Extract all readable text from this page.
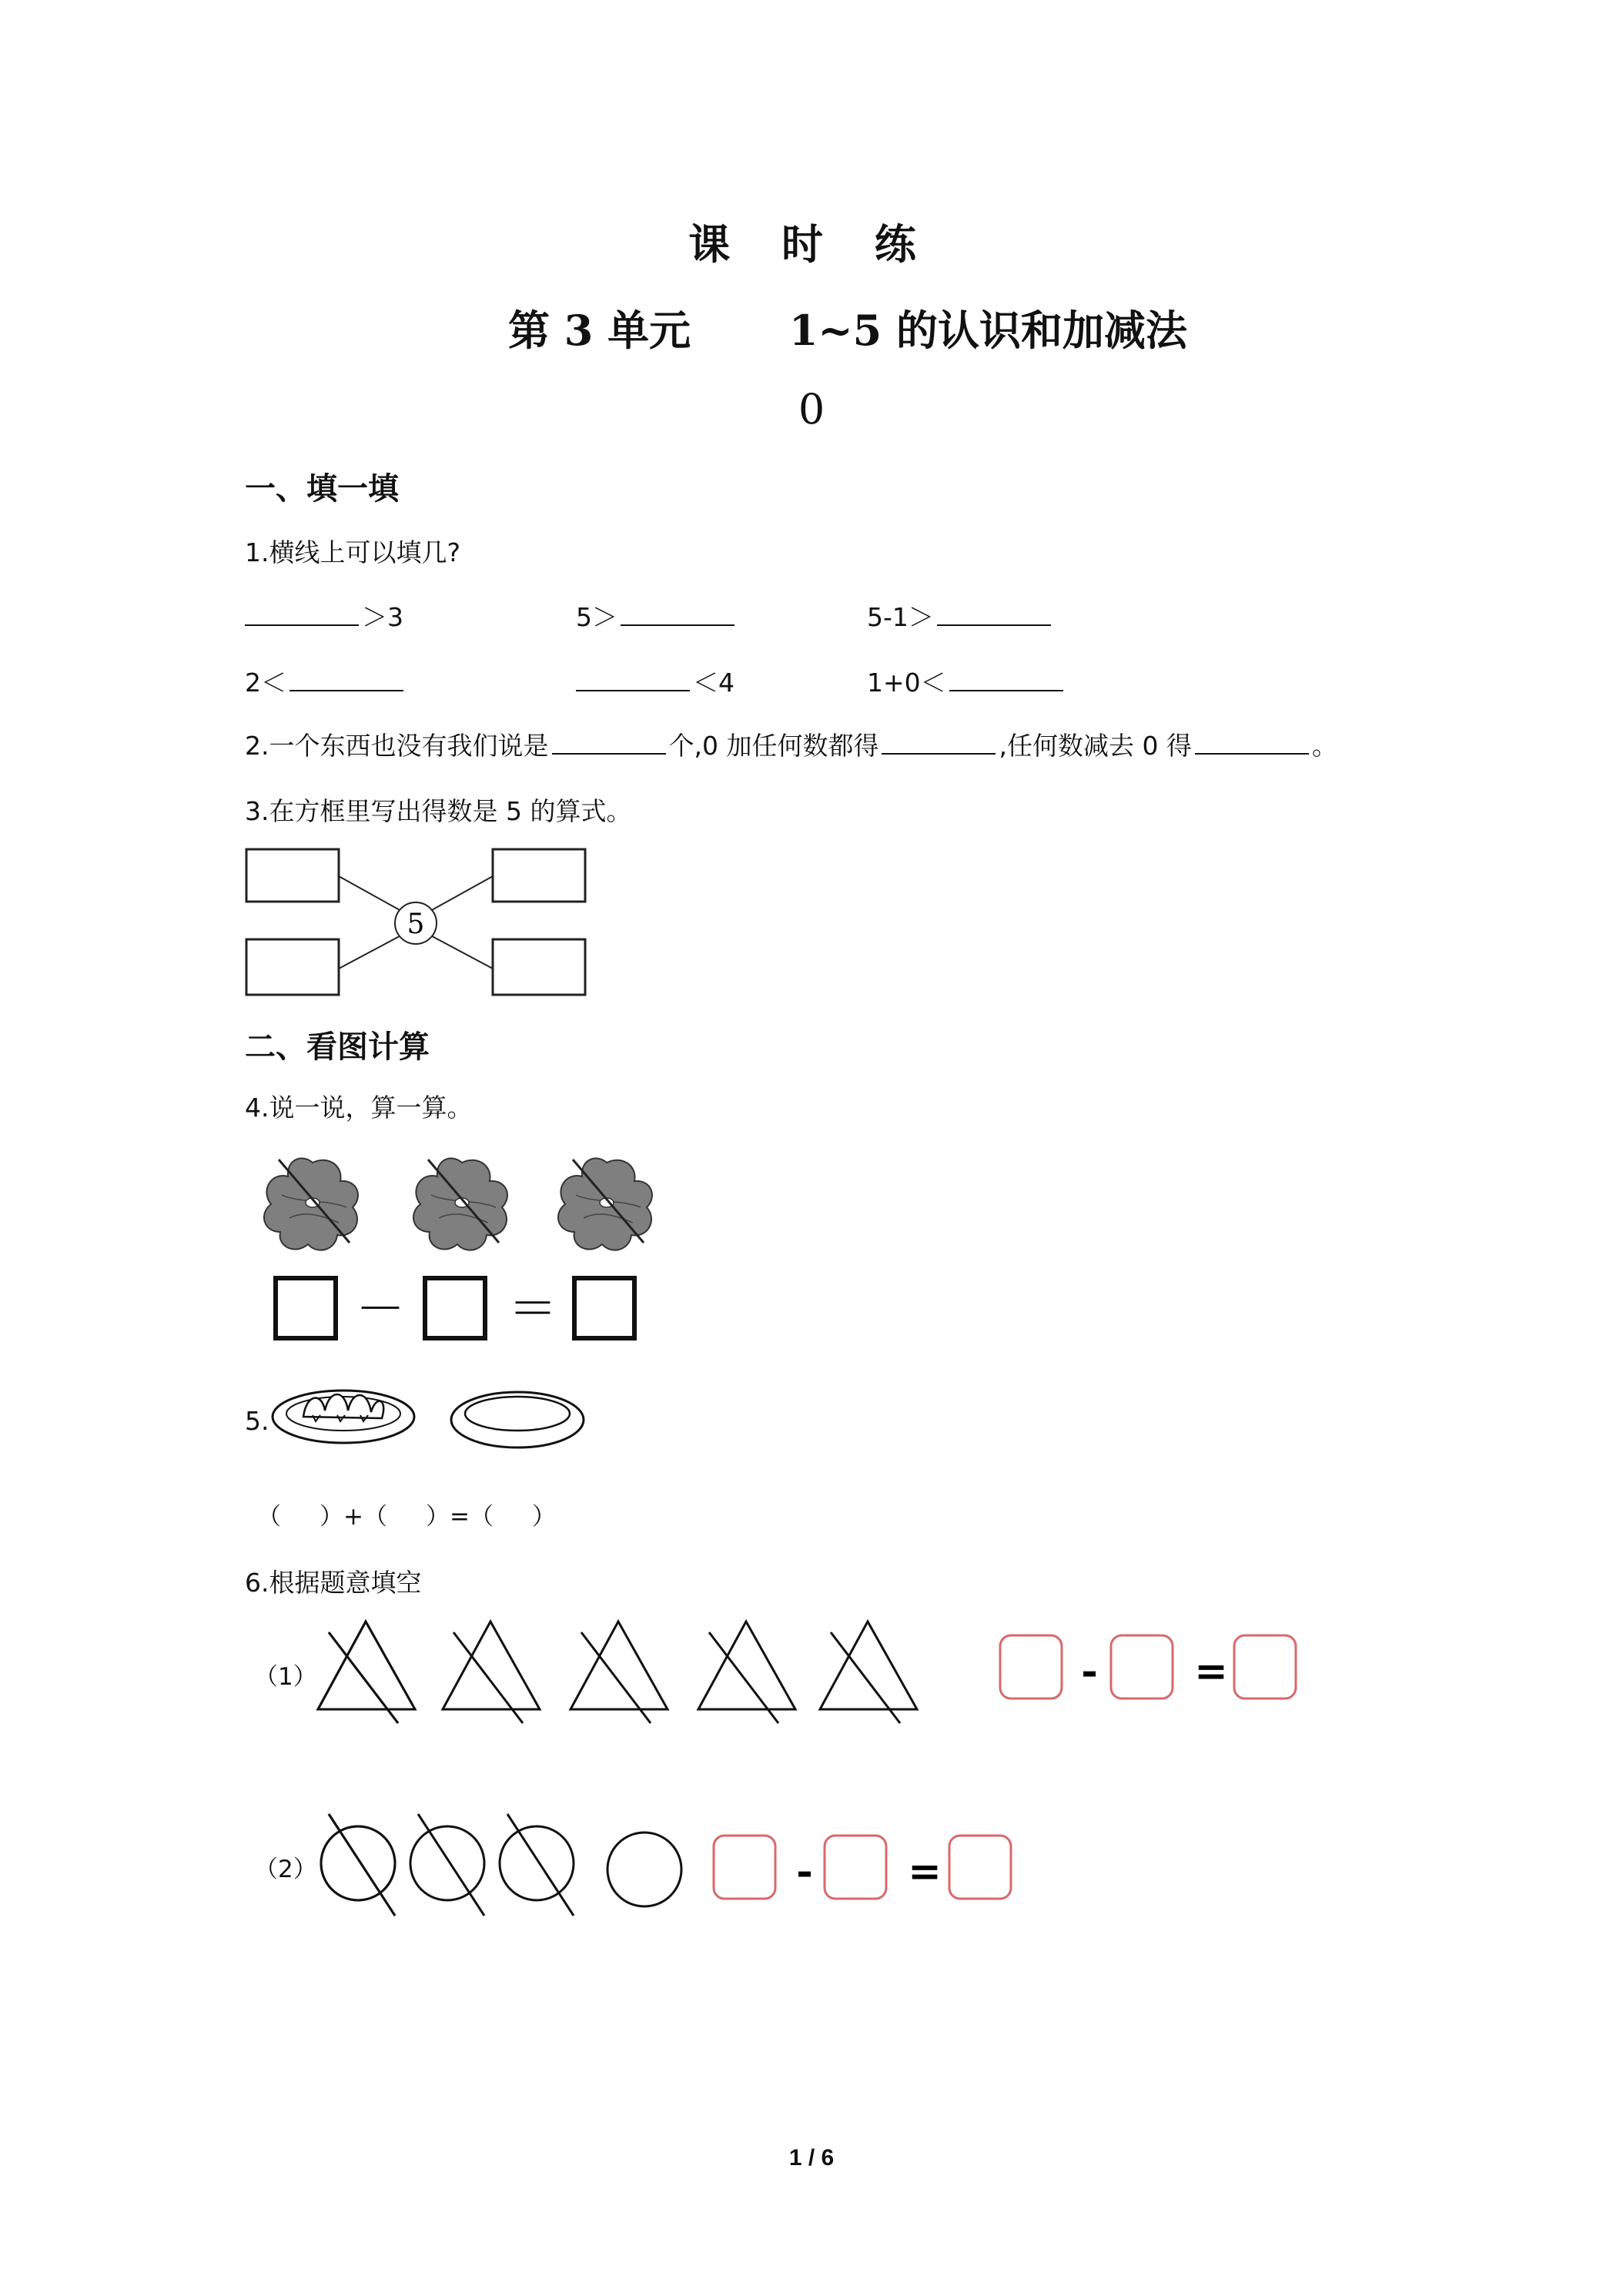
课 时 练
第 3 单元 1~5 的认识和加减法
0
一、填一填
1.横线上可以填几?
＞3	5＞	5-1＞
2＜	＜4	1+0＜
2.一个东西也没有我们说是	个,0 加任何数都得	,任何数减去 0 得	。
3.在方框里写出得数是 5 的算式。
5
二、看图计算
4.说一说，算一算。
－ ＝
5.
（ ）+（ ）=（ ）
6.根据题意填空
（1）	- =
（2）	- =
1 / 6
